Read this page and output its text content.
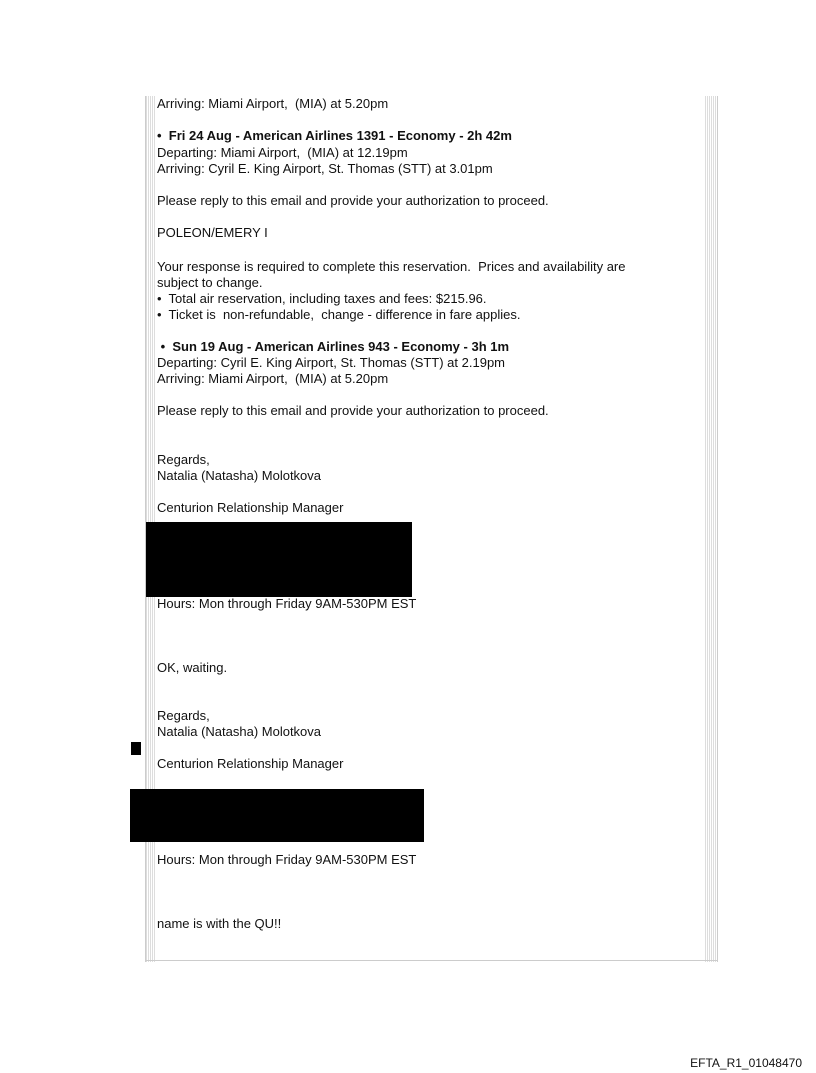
Arriving: Miami Airport,  (MIA) at 5.20pm
•  Fri 24 Aug - American Airlines 1391 - Economy - 2h 42m
Departing: Miami Airport,  (MIA) at 12.19pm
Arriving: Cyril E. King Airport, St. Thomas (STT) at 3.01pm
Please reply to this email and provide your authorization to proceed.
POLEON/EMERY I
Your response is required to complete this reservation.  Prices and availability are
subject to change.
•  Total air reservation, including taxes and fees: $215.96.
•  Ticket is  non-refundable,  change - difference in fare applies.
•  Sun 19 Aug - American Airlines 943 - Economy - 3h 1m
Departing: Cyril E. King Airport, St. Thomas (STT) at 2.19pm
Arriving: Miami Airport,  (MIA) at 5.20pm
Please reply to this email and provide your authorization to proceed.
Regards,
Natalia (Natasha) Molotkova
Centurion Relationship Manager
Hours: Mon through Friday 9AM-530PM EST
OK, waiting.
Regards,
Natalia (Natasha) Molotkova
Centurion Relationship Manager
Hours: Mon through Friday 9AM-530PM EST
name is with the QU!!
EFTA_R1_01048470
